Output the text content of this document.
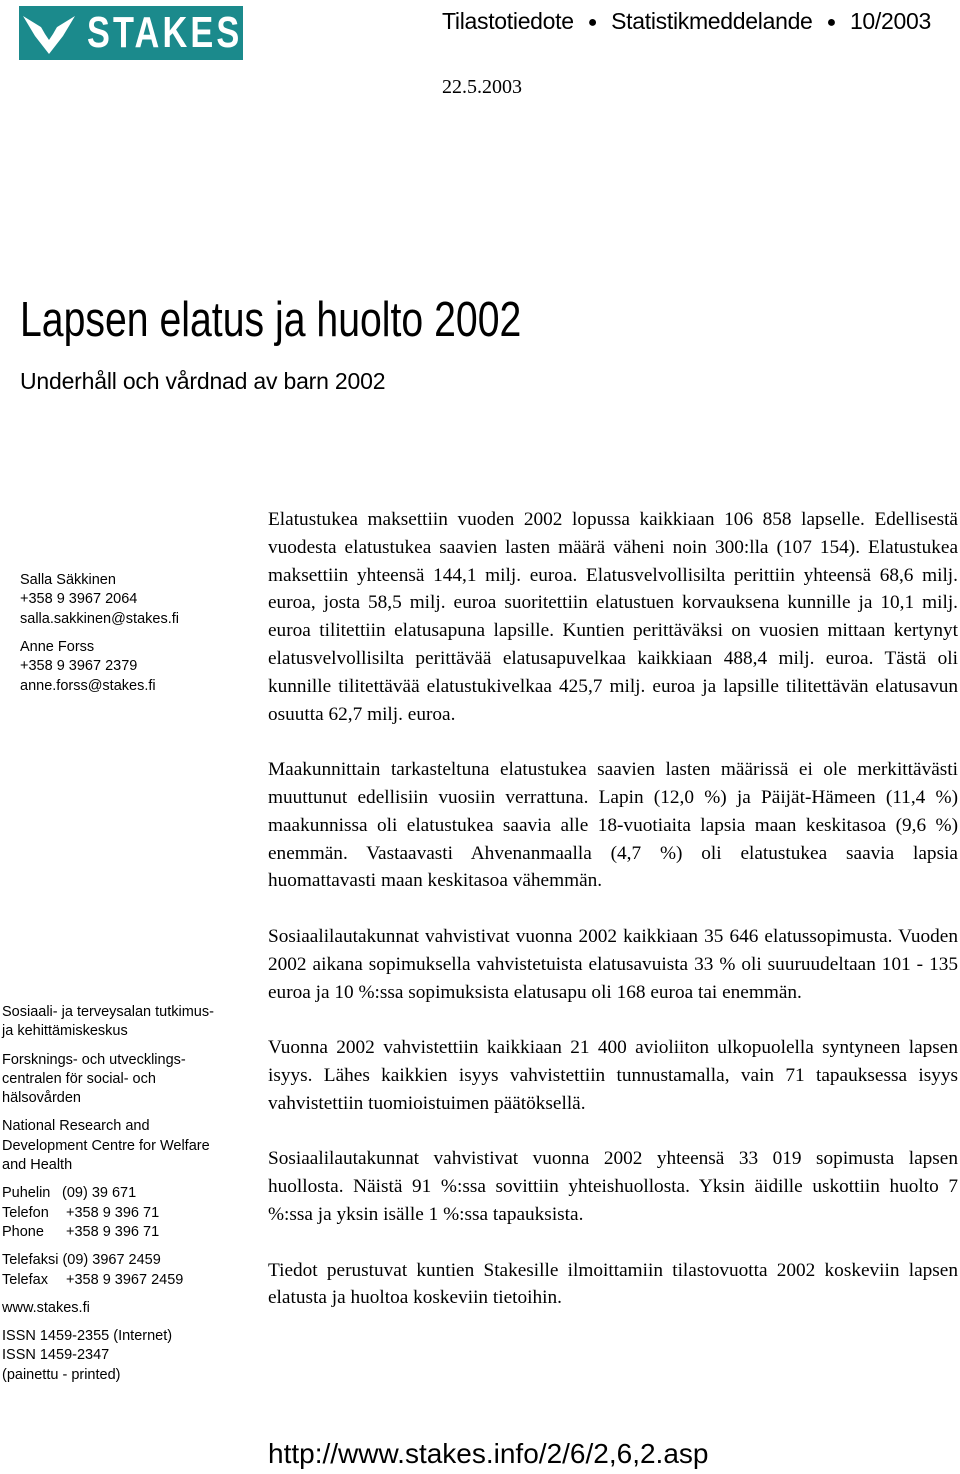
STAKES	Tilastotiedote ● Statistikmeddelande ● 10/2003
22.5.2003
Lapsen elatus ja huolto 2002
Underhåll och vårdnad av barn 2002
Salla Säkkinen
+358 9 3967 2064
salla.sakkinen@stakes.fi
Anne Forss
+358 9 3967 2379
anne.forss@stakes.fi

Elatustukea maksettiin vuoden 2002 lopussa kaikkiaan 106 858 lapselle. Edellisestä vuodesta elatustukea saavien lasten määrä väheni noin 300:lla (107 154). Elatustukea maksettiin yhteensä 144,1 milj. euroa. Elatusvelvollisilta perittiin yhteensä 68,6 milj. euroa, josta 58,5 milj. euroa suoritettiin elatustuen korvauksena kunnille ja 10,1 milj. euroa tilitettiin elatusapuna lapsille. Kuntien perittäväksi on vuosien mittaan kertynyt elatusvelvollisilta perittävää elatusapuvelkaa kaikkiaan 488,4 milj. euroa. Tästä oli kunnille tilitettävää elatustukivelkaa 425,7 milj. euroa ja lapsille tilitettävän elatusavun osuutta 62,7 milj. euroa.

Maakunnittain tarkasteltuna elatustukea saavien lasten määrissä ei ole merkittävästi muuttunut edellisiin vuosiin verrattuna. Lapin (12,0 %) ja Päijät-Hämeen (11,4 %) maakunnissa oli elatustukea saavia alle 18-vuotiaita lapsia maan keskitasoa (9,6 %) enemmän. Vastaavasti Ahvenanmaalla (4,7 %) oli elatustukea saavia lapsia huomattavasti maan keskitasoa vähemmän.

Sosiaalilautakunnat vahvistivat vuonna 2002 kaikkiaan 35 646 elatussopimusta. Vuoden 2002 aikana sopimuksella vahvistetuista elatusavuista 33 % oli suuruudeltaan 101 - 135 euroa ja 10 %:ssa sopimuksista elatusapu oli 168 euroa tai enemmän.

Vuonna 2002 vahvistettiin kaikkiaan 21 400 avioliiton ulkopuolella syntyneen lapsen isyys. Lähes kaikkien isyys vahvistettiin tunnustamalla, vain 71 tapauksessa isyys vahvistettiin tuomioistuimen päätöksellä.

Sosiaalilautakunnat vahvistivat vuonna 2002 yhteensä 33 019 sopimusta lapsen huollosta. Näistä 91 %:ssa sovittiin yhteishuollosta. Yksin äidille uskottiin huolto 7 %:ssa ja yksin isälle 1 %:ssa tapauksista.

Tiedot perustuvat kuntien Stakesille ilmoittamiin tilastovuotta 2002 koskeviin lapsen elatusta ja huoltoa koskeviin tietoihin.

http://www.stakes.info/2/6/2,6,2.asp
Sosiaali- ja terveysalan tutkimus-
ja kehittämiskeskus
Forsknings- och utvecklings-
centralen för social- och
hälsovården
National Research and
Development Centre for Welfare
and Health
Puhelin (09) 39 671
Telefon +358 9 396 71
Phone +358 9 396 71
Telefaksi (09) 3967 2459
Telefax +358 9 3967 2459
www.stakes.fi
ISSN 1459-2355 (Internet)
ISSN 1459-2347
(painettu - printed)
